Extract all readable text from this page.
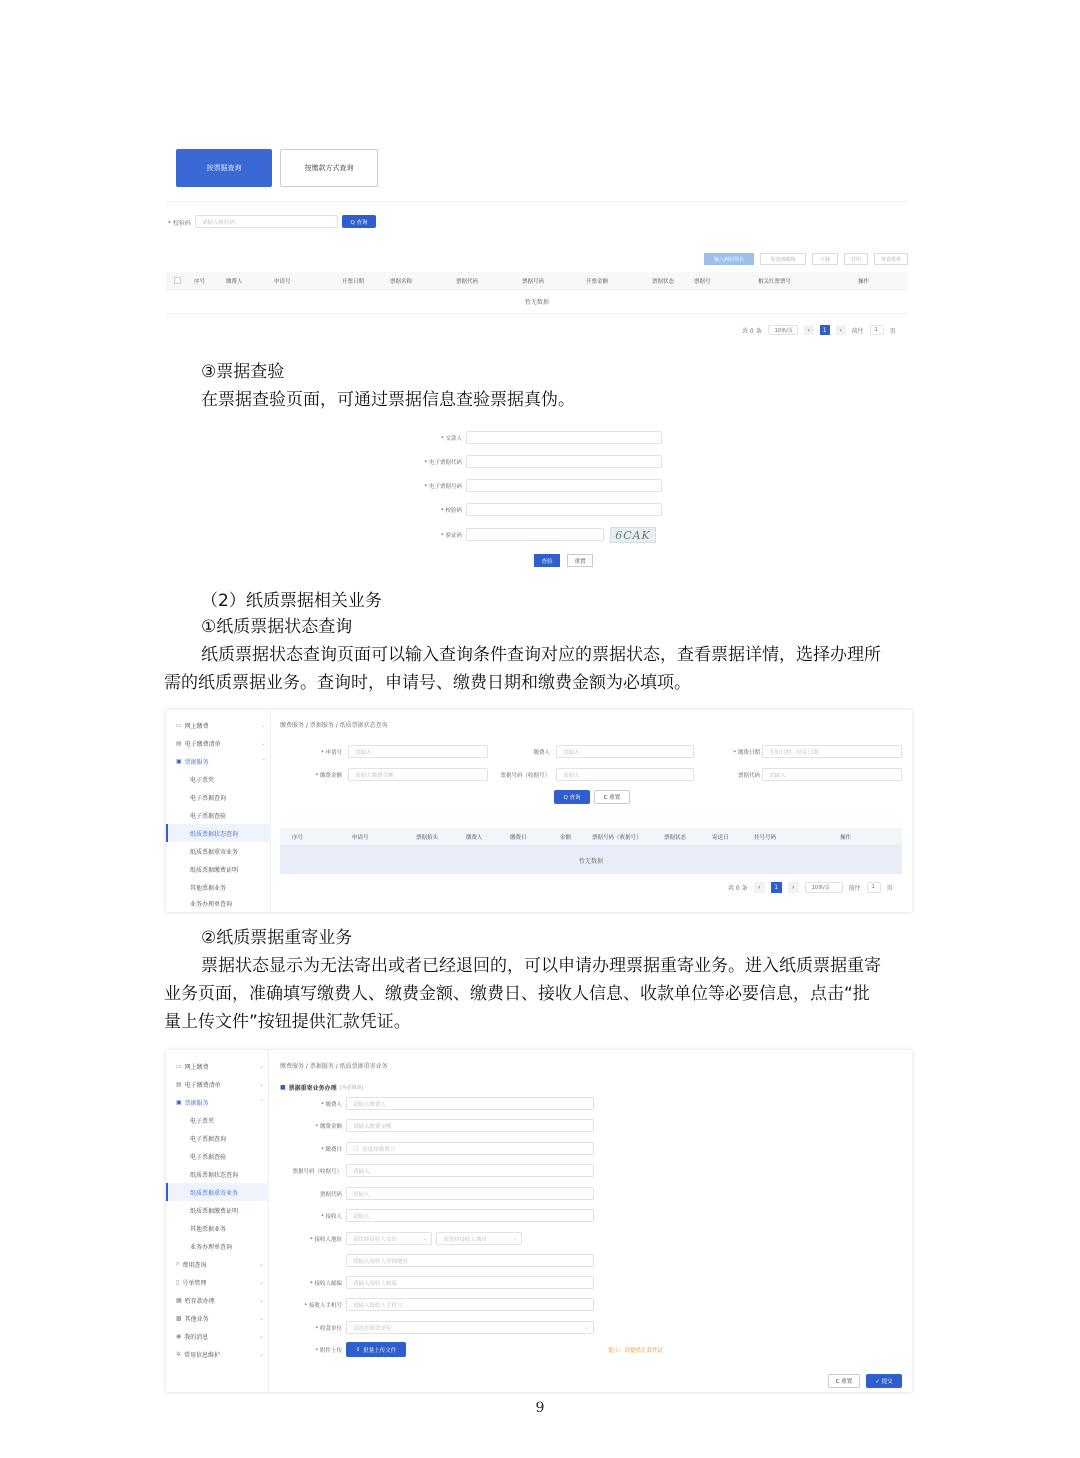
按票据查询	按缴款方式查询
* 校验码	请输入校验码	Q 查询
输入到的票在	发送到邮箱	下载	打印	查看报单
序号	缴费人	申请号	开票日期	票据名称	票据代码	票据号码	开票金额	票据状态	票据号	相关红票票号	操作
暂无数据
共 0 条	10条/页	‹	1	›	前往	1	页
③票据查验
在票据查验页面，可通过票据信息查验票据真伪。
* 交款人
* 电子票据代码
* 电子票据号码
* 校验码
* 验证码	6CAK
查验	重置
（2）纸质票据相关业务
①纸质票据状态查询
纸质票据状态查询页面可以输入查询条件查询对应的票据状态，查看票据详情，选择办理所
需的纸质票据业务。查询时，申请号、缴费日期和缴费金额为必填项。
▭ 网上缴费	⌄
▤ 电子缴费清单	⌄
▣ 票据服务	⌃
电子票夹
电子票据查询
电子票据查验
纸质票据状态查询
纸质票据重寄业务
纸质票据缴费证明
其他票据业务
业务办理单查询
缴费服务 / 票据服务 / 纸质票据状态查询
* 申请号	请输入	缴费人	请输入	* 缴费日期	开始日期 - 结束日期
* 缴费金额	请输入缴费金额	票据号码（收据号）	请输入	票据代码	请输入
Q 查询	C 重置
序号	申请号	票据抬头	缴费人	缴费日	金额	票据号码（收据号）	票据状态	寄送日	挂号号码	操作
暂无数据
共 0 条	‹	1	›	10条/页	前往	1	页
②纸质票据重寄业务
票据状态显示为无法寄出或者已经退回的，可以申请办理票据重寄业务。进入纸质票据重寄
业务页面，准确填写缴费人、缴费金额、缴费日、接收人信息、收款单位等必要信息，点击“批
量上传文件”按钮提供汇款凭证。
▭ 网上缴费	⌄
▤ 电子缴费清单	⌄
▣ 票据服务	⌃
电子票夹
电子票据查询
电子票据查验
纸质票据状态查询
纸质票据重寄业务
纸质票据缴费证明
其他票据业务
业务办理单查询
⌕ 费用查询	⌄
▯ 号单管理	⌄
▦ 暂存款办理	⌄
▩ 其他业务	⌄
◉ 我的消息	⌄
✲ 常用信息维护	⌄
缴费服务 / 票据服务 / 纸质票据重寄业务
■ 票据重寄业务办理 (为必填项)
* 缴费人	请输入缴费人
* 缴费金额	请输入缴费金额
* 缴费日 ▢ 请选择缴费日
票据号码（收据号）	请输入
票据代码	请输入
* 接收人	请输入
* 接收人地址 请选择接收人省份	⌄	请选择接收人城市	⌄
请输入接收人详细地址
* 接收人邮编	请输入接收人邮编
* 接收人手机号	请输入接收人手机号
* 收款单位 请选择收款单位	⌄
* 附件上传 ⇪ 批量上传文件	提示：请提供汇款凭证
C 重置	✓ 提交
9
